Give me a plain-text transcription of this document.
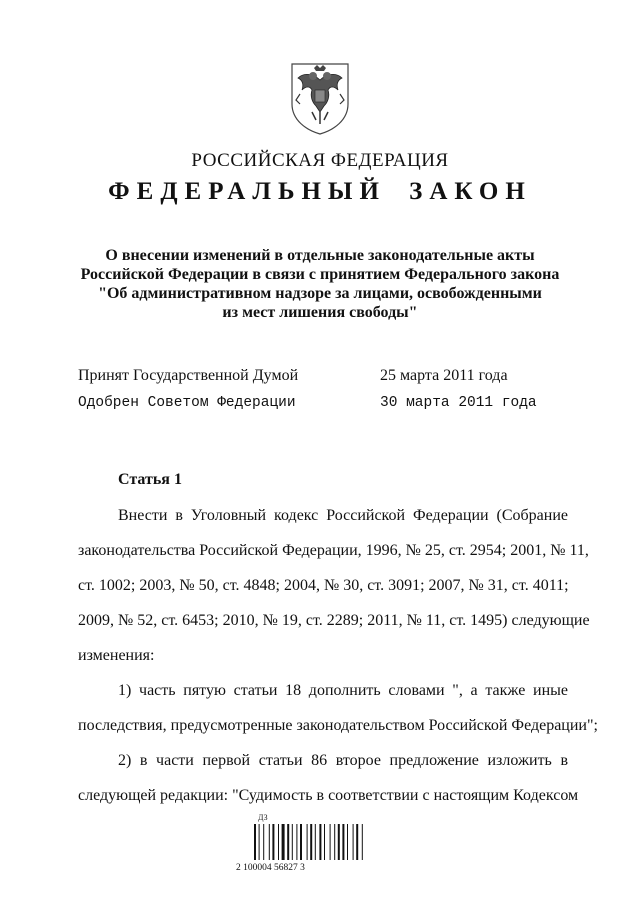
РОССИЙСКАЯ ФЕДЕРАЦИЯ
ФЕДЕРАЛЬНЫЙ ЗАКОН
О внесении изменений в отдельные законодательные акты
Российской Федерации в связи с принятием Федерального закона
"Об административном надзоре за лицами, освобожденными
из мест лишения свободы"
Принят Государственной Думой	25 марта 2011 года
Одобрен Советом Федерации	30 марта 2011 года
Статья 1
Внести в Уголовный кодекс Российской Федерации (Собрание
законодательства Российской Федерации, 1996, № 25, ст. 2954; 2001, № 11,
ст. 1002; 2003, № 50, ст. 4848; 2004, № 30, ст. 3091; 2007, № 31, ст. 4011;
2009, № 52, ст. 6453; 2010, № 19, ст. 2289; 2011, № 11, ст. 1495) следующие
изменения:
1) часть пятую статьи 18 дополнить словами ", а также иные
последствия, предусмотренные законодательством Российской Федерации";
2) в части первой статьи 86 второе предложение изложить в
следующей редакции: "Судимость в соответствии с настоящим Кодексом
ДЗ
2 100004 56827 3
